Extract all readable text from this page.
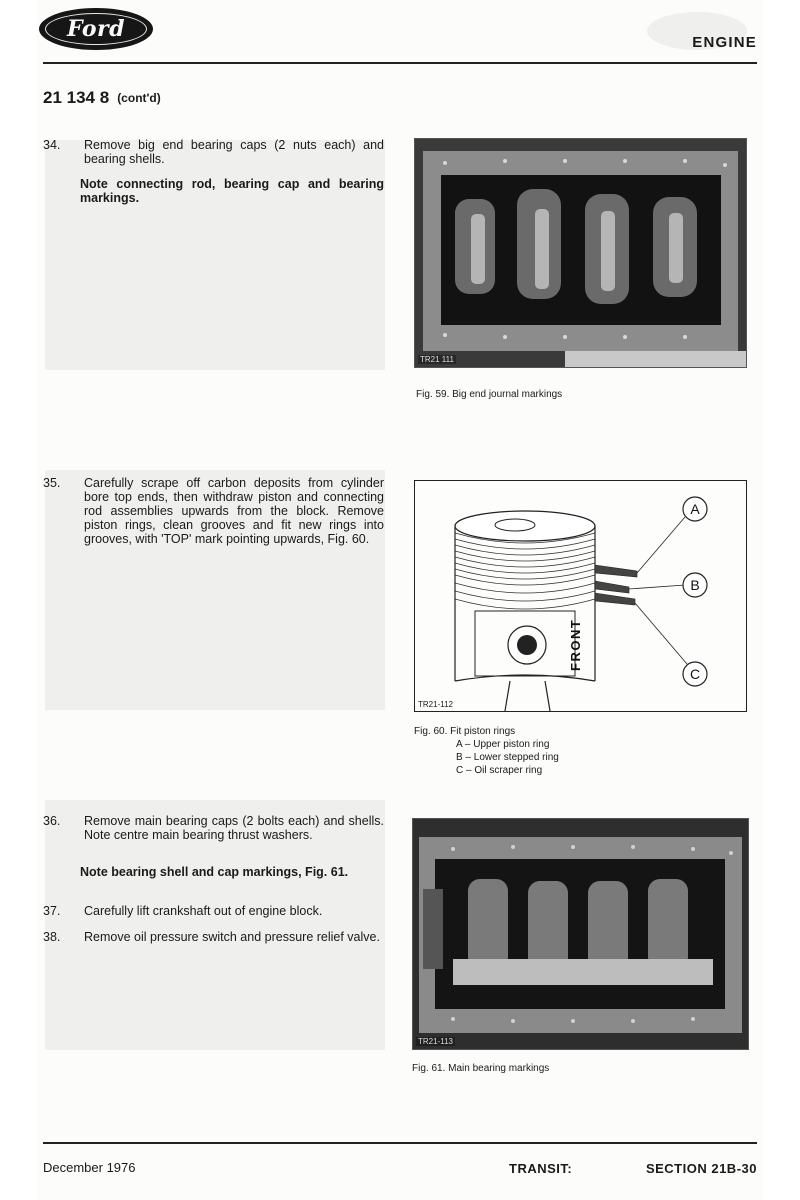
Ford
ENGINE
21 134 8 (cont'd)
34.	Remove big end bearing caps (2 nuts each) and bearing shells.
Note connecting rod, bearing cap and bearing markings.
TR21 111
Fig. 59. Big end journal markings
35.	Carefully scrape off carbon deposits from cylinder bore top ends, then withdraw piston and connecting rod assemblies upwards from the block. Remove piston rings, clean grooves and fit new rings into grooves, with 'TOP' mark pointing upwards, Fig. 60.
A
B
C
FRONT
TR21-112
Fig. 60. Fit piston rings
A – Upper piston ring
B – Lower stepped ring
C – Oil scraper ring
36.	Remove main bearing caps (2 bolts each) and shells. Note centre main bearing thrust washers.
Note bearing shell and cap markings, Fig. 61.
37.	Carefully lift crankshaft out of engine block.
38.	Remove oil pressure switch and pressure relief valve.
TR21-113
Fig. 61. Main bearing markings
December 1976	TRANSIT:	SECTION 21B-30
